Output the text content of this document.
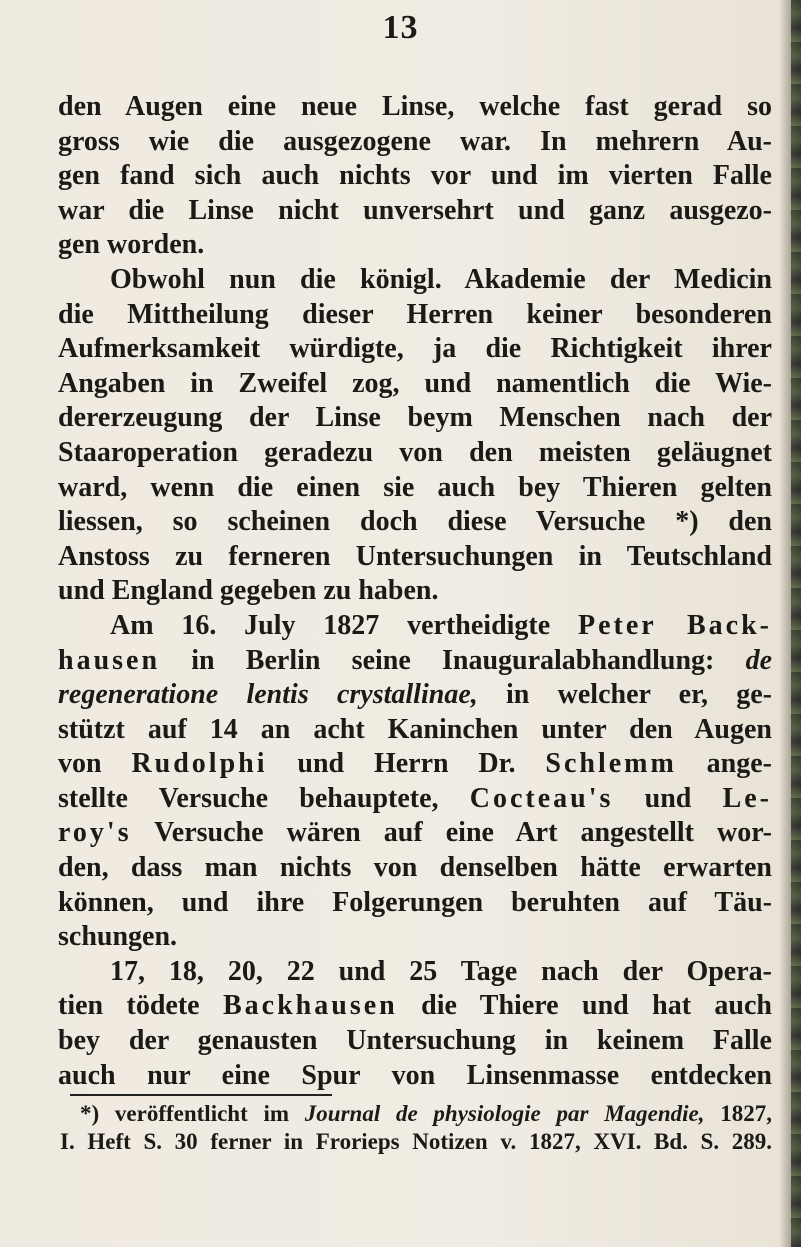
13
den Augen eine neue Linse, welche fast gerad so
gross wie die ausgezogene war. In mehrern Au-
gen fand sich auch nichts vor und im vierten Falle
war die Linse nicht unversehrt und ganz ausgezo-
gen worden.
Obwohl nun die königl. Akademie der Medicin
die Mittheilung dieser Herren keiner besonderen
Aufmerksamkeit würdigte, ja die Richtigkeit ihrer
Angaben in Zweifel zog, und namentlich die Wie-
dererzeugung der Linse beym Menschen nach der
Staaroperation geradezu von den meisten geläugnet
ward, wenn die einen sie auch bey Thieren gelten
liessen, so scheinen doch diese Versuche *) den
Anstoss zu ferneren Untersuchungen in Teutschland
und England gegeben zu haben.
Am 16. July 1827 vertheidigte Peter Back-
hausen in Berlin seine Inauguralabhandlung: de
regeneratione lentis crystallinae, in welcher er, ge-
stützt auf 14 an acht Kaninchen unter den Augen
von Rudolphi und Herrn Dr. Schlemm ange-
stellte Versuche behauptete, Cocteau's und Le-
roy's Versuche wären auf eine Art angestellt wor-
den, dass man nichts von denselben hätte erwarten
können, und ihre Folgerungen beruhten auf Täu-
schungen.
17, 18, 20, 22 und 25 Tage nach der Opera-
tien tödete Backhausen die Thiere und hat auch
bey der genausten Untersuchung in keinem Falle
auch nur eine Spur von Linsenmasse entdecken
*) veröffentlicht im Journal de physiologie par Magendie, 1827,
I. Heft S. 30 ferner in Frorieps Notizen v. 1827, XVI. Bd. S. 289.
